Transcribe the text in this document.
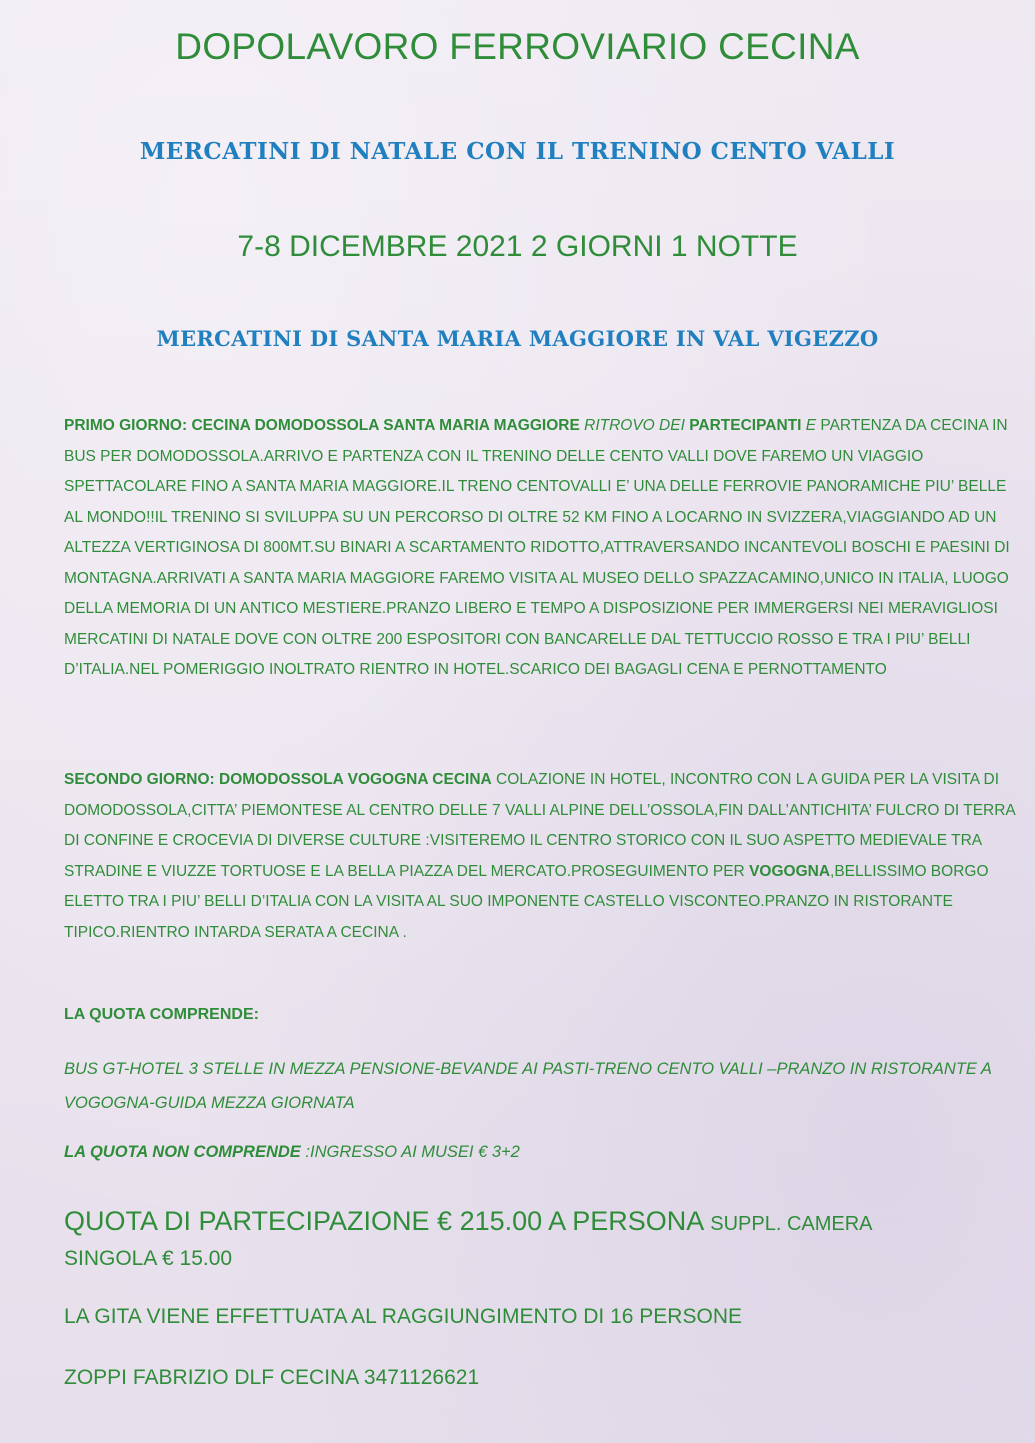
DOPOLAVORO FERROVIARIO CECINA
MERCATINI DI NATALE CON IL TRENINO CENTO VALLI
7-8 DICEMBRE 2021 2 GIORNI 1 NOTTE
MERCATINI DI SANTA MARIA MAGGIORE IN VAL VIGEZZO
PRIMO GIORNO: CECINA DOMODOSSOLA SANTA MARIA MAGGIORE RITROVO DEI PARTECIPANTI E PARTENZA DA CECINA IN BUS PER DOMODOSSOLA.ARRIVO E PARTENZA CON IL TRENINO DELLE CENTO VALLI DOVE FAREMO UN VIAGGIO SPETTACOLARE FINO A SANTA MARIA MAGGIORE.IL TRENO CENTOVALLI E’ UNA DELLE FERROVIE PANORAMICHE PIU’ BELLE AL MONDO!!IL TRENINO SI SVILUPPA SU UN PERCORSO DI OLTRE 52 KM FINO A LOCARNO IN SVIZZERA,VIAGGIANDO AD UN ALTEZZA VERTIGINOSA DI 800MT.SU BINARI A SCARTAMENTO RIDOTTO,ATTRAVERSANDO INCANTEVOLI BOSCHI E PAESINI DI MONTAGNA.ARRIVATI A SANTA MARIA MAGGIORE FAREMO VISITA AL MUSEO DELLO SPAZZACAMINO,UNICO IN ITALIA, LUOGO DELLA MEMORIA DI UN ANTICO MESTIERE.PRANZO LIBERO E TEMPO A DISPOSIZIONE PER IMMERGERSI NEI MERAVIGLIOSI MERCATINI DI NATALE DOVE CON OLTRE 200 ESPOSITORI CON BANCARELLE DAL TETTUCCIO ROSSO E TRA I PIU’ BELLI D’ITALIA.NEL POMERIGGIO INOLTRATO RIENTRO IN HOTEL.SCARICO DEI BAGAGLI CENA E PERNOTTAMENTO
SECONDO GIORNO: DOMODOSSOLA VOGOGNA CECINA COLAZIONE IN HOTEL, INCONTRO CON L A GUIDA PER LA VISITA DI DOMODOSSOLA,CITTA’ PIEMONTESE AL CENTRO DELLE 7 VALLI ALPINE DELL’OSSOLA,FIN DALL’ANTICHITA’ FULCRO DI TERRA DI CONFINE E CROCEVIA DI DIVERSE CULTURE :VISITEREMO IL CENTRO STORICO CON IL SUO ASPETTO MEDIEVALE TRA STRADINE E VIUZZE TORTUOSE E LA BELLA PIAZZA DEL MERCATO.PROSEGUIMENTO PER VOGOGNA,BELLISSIMO BORGO ELETTO TRA I PIU’ BELLI D’ITALIA CON LA VISITA AL SUO IMPONENTE CASTELLO VISCONTEO.PRANZO IN RISTORANTE TIPICO.RIENTRO INTARDA SERATA A CECINA .
LA QUOTA COMPRENDE:
BUS GT-HOTEL 3 STELLE IN MEZZA PENSIONE-BEVANDE AI PASTI-TRENO CENTO VALLI –PRANZO IN RISTORANTE A VOGOGNA-GUIDA MEZZA GIORNATA
LA QUOTA NON COMPRENDE :INGRESSO AI MUSEI € 3+2
QUOTA DI PARTECIPAZIONE € 215.00 A PERSONA SUPPL. CAMERA
SINGOLA € 15.00
LA GITA VIENE EFFETTUATA AL RAGGIUNGIMENTO DI 16 PERSONE
ZOPPI FABRIZIO DLF CECINA 3471126621
